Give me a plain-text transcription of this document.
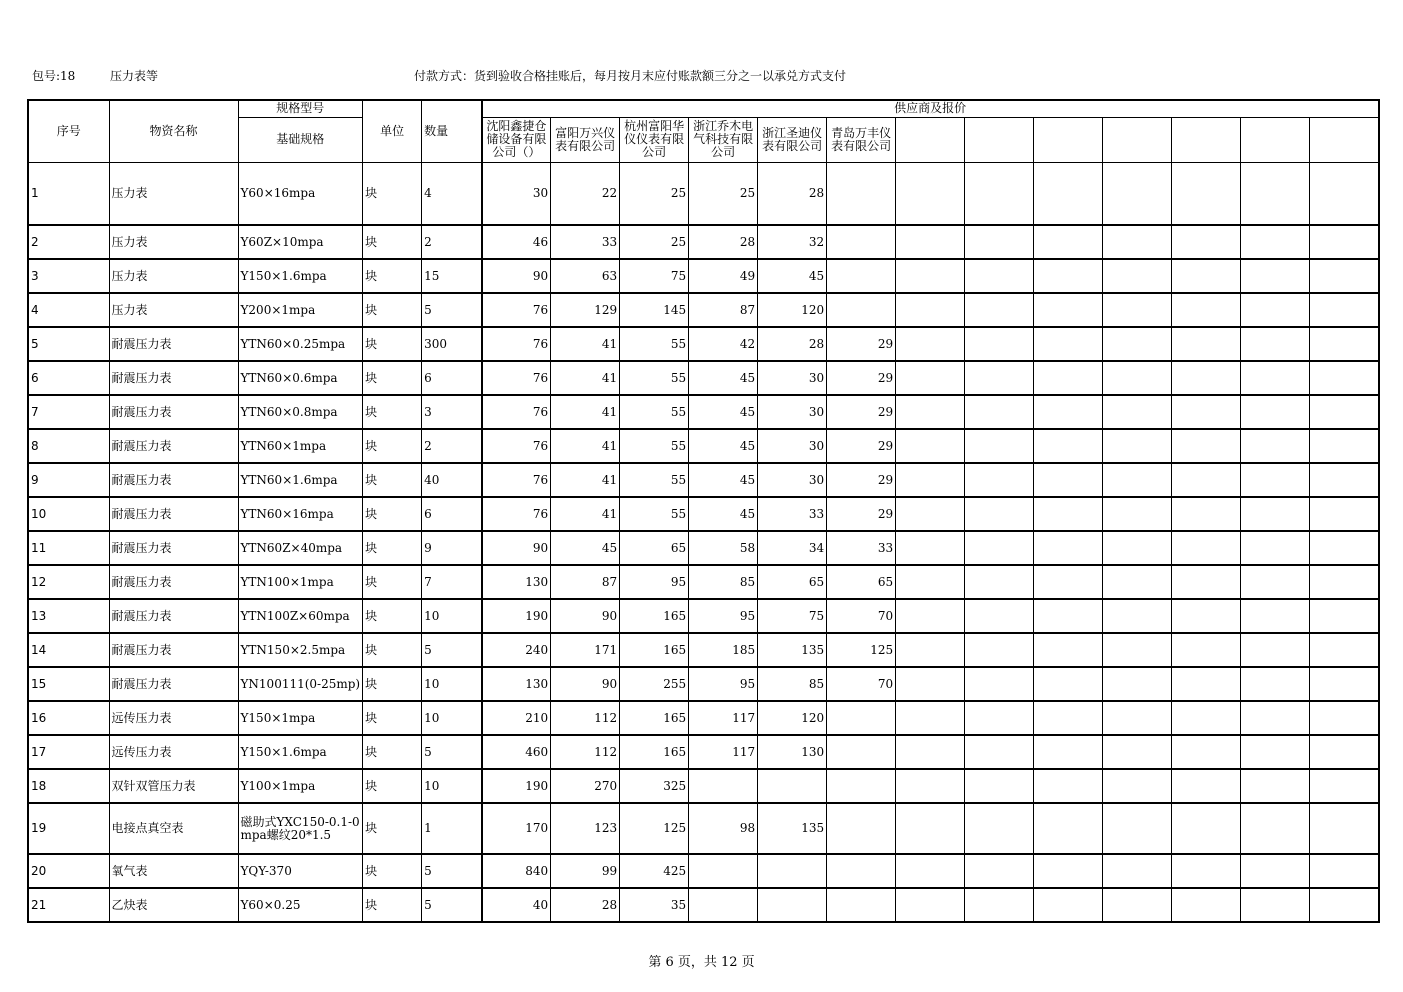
包号:18	压力表等	付款方式：货到验收合格挂账后，每月按月末应付账款额三分之一以承兑方式支付
序号	物资名称	规格型号	单位	数量	供应商及报价												
		基础规格			沈阳鑫捷仓储设备有限公司（）	富阳万兴仪表有限公司	杭州富阳华仪仪表有限公司	浙江乔木电气科技有限公司	浙江圣迪仪表有限公司	青岛万丰仪表有限公司							
1	压力表	Y60×16mpa	块	4	30	22	25	25	28								
2	压力表	Y60Z×10mpa	块	2	46	33	25	28	32								
3	压力表	Y150×1.6mpa	块	15	90	63	75	49	45								
4	压力表	Y200×1mpa	块	5	76	129	145	87	120								
5	耐震压力表	YTN60×0.25mpa	块	300	76	41	55	42	28	29							
6	耐震压力表	YTN60×0.6mpa	块	6	76	41	55	45	30	29							
7	耐震压力表	YTN60×0.8mpa	块	3	76	41	55	45	30	29							
8	耐震压力表	YTN60×1mpa	块	2	76	41	55	45	30	29							
9	耐震压力表	YTN60×1.6mpa	块	40	76	41	55	45	30	29							
10	耐震压力表	YTN60×16mpa	块	6	76	41	55	45	33	29							
11	耐震压力表	YTN60Z×40mpa	块	9	90	45	65	58	34	33							
12	耐震压力表	YTN100×1mpa	块	7	130	87	95	85	65	65							
13	耐震压力表	YTN100Z×60mpa	块	10	190	90	165	95	75	70							
14	耐震压力表	YTN150×2.5mpa	块	5	240	171	165	185	135	125							
15	耐震压力表	YN100111(0-25mp)	块	10	130	90	255	95	85	70							
16	远传压力表	Y150×1mpa	块	10	210	112	165	117	120								
17	远传压力表	Y150×1.6mpa	块	5	460	112	165	117	130								
18	双针双管压力表	Y100×1mpa	块	10	190	270	325										
19	电接点真空表	磁助式YXC150-0.1-0mpa螺纹20*1.5	块	1	170	123	125	98	135								
20	氧气表	YQY-370	块	5	840	99	425										
21	乙炔表	Y60×0.25	块	5	40	28	35										
第 6 页，共 12 页
